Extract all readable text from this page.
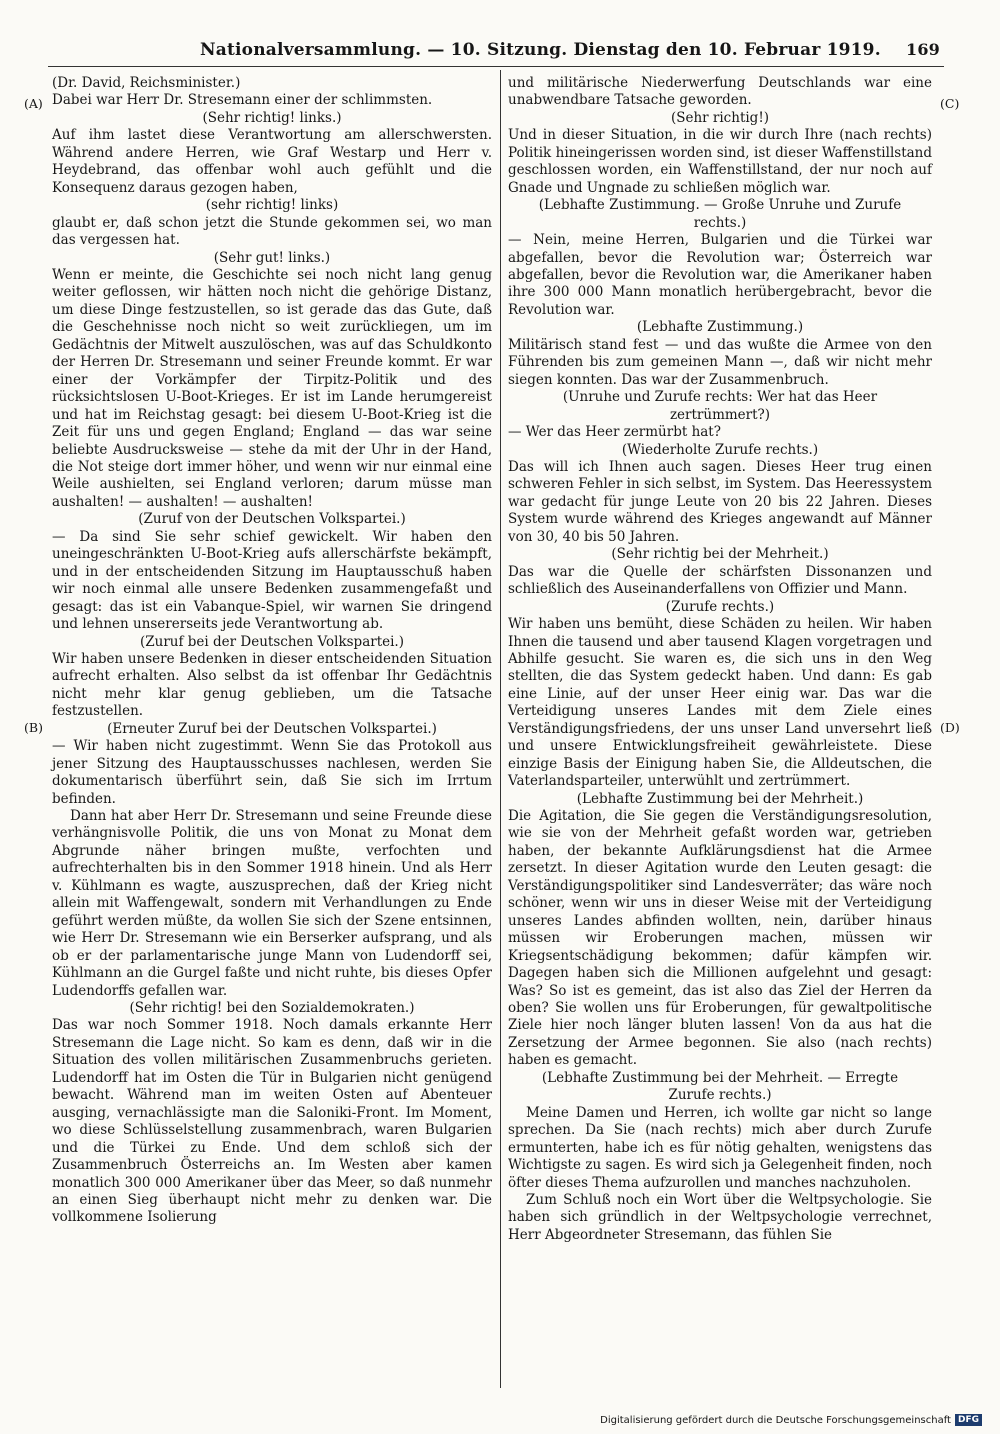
Nationalversammlung. — 10. Sitzung. Dienstag den 10. Februar 1919. 169
(A)
(B)
(C)
(D)

(Dr. David, Reichsminister.)

Dabei war Herr Dr. Stresemann einer der schlimmsten.

(Sehr richtig! links.)

Auf ihm lastet diese Verantwortung am allerschwersten. Während andere Herren, wie Graf Westarp und Herr v. Heydebrand, das offenbar wohl auch gefühlt und die Konsequenz daraus gezogen haben,

(sehr richtig! links)

glaubt er, daß schon jetzt die Stunde gekommen sei, wo man das vergessen hat.

(Sehr gut! links.)

Wenn er meinte, die Geschichte sei noch nicht lang genug weiter geflossen, wir hätten noch nicht die gehörige Distanz, um diese Dinge festzustellen, so ist gerade das das Gute, daß die Geschehnisse noch nicht so weit zurückliegen, um im Gedächtnis der Mitwelt auszulöschen, was auf das Schuldkonto der Herren Dr. Stresemann und seiner Freunde kommt. Er war einer der Vorkämpfer der Tirpitz-Politik und des rücksichtslosen U-Boot-Krieges. Er ist im Lande herumgereist und hat im Reichstag gesagt: bei diesem U-Boot-Krieg ist die Zeit für uns und gegen England; England — das war seine beliebte Ausdrucksweise — stehe da mit der Uhr in der Hand, die Not steige dort immer höher, und wenn wir nur einmal eine Weile aushielten, sei England verloren; darum müsse man aushalten! — aushalten! — aushalten!

(Zuruf von der Deutschen Volkspartei.)

— Da sind Sie sehr schief gewickelt. Wir haben den uneingeschränkten U-Boot-Krieg aufs allerschärfste bekämpft, und in der entscheidenden Sitzung im Hauptausschuß haben wir noch einmal alle unsere Bedenken zusammengefaßt und gesagt: das ist ein Vabanque-Spiel, wir warnen Sie dringend und lehnen unsererseits jede Verantwortung ab.

(Zuruf bei der Deutschen Volkspartei.)

Wir haben unsere Bedenken in dieser entscheidenden Situation aufrecht erhalten. Also selbst da ist offenbar Ihr Gedächtnis nicht mehr klar genug geblieben, um die Tatsache festzustellen.

(Erneuter Zuruf bei der Deutschen Volkspartei.)

— Wir haben nicht zugestimmt. Wenn Sie das Protokoll aus jener Sitzung des Hauptausschusses nachlesen, werden Sie dokumentarisch überführt sein, daß Sie sich im Irrtum befinden.

Dann hat aber Herr Dr. Stresemann und seine Freunde diese verhängnisvolle Politik, die uns von Monat zu Monat dem Abgrunde näher bringen mußte, verfochten und aufrechterhalten bis in den Sommer 1918 hinein. Und als Herr v. Kühlmann es wagte, auszusprechen, daß der Krieg nicht allein mit Waffengewalt, sondern mit Verhandlungen zu Ende geführt werden müßte, da wollen Sie sich der Szene entsinnen, wie Herr Dr. Stresemann wie ein Berserker aufsprang, und als ob er der parlamentarische junge Mann von Ludendorff sei, Kühlmann an die Gurgel faßte und nicht ruhte, bis dieses Opfer Ludendorffs gefallen war.

(Sehr richtig! bei den Sozialdemokraten.)

Das war noch Sommer 1918. Noch damals erkannte Herr Stresemann die Lage nicht. So kam es denn, daß wir in die Situation des vollen militärischen Zusammenbruchs gerieten. Ludendorff hat im Osten die Tür in Bulgarien nicht genügend bewacht. Während man im weiten Osten auf Abenteuer ausging, vernachlässigte man die Saloniki-Front. Im Moment, wo diese Schlüsselstellung zusammenbrach, waren Bulgarien und die Türkei zu Ende. Und dem schloß sich der Zusammenbruch Österreichs an. Im Westen aber kamen monatlich 300 000 Amerikaner über das Meer, so daß nunmehr an einen Sieg überhaupt nicht mehr zu denken war. Die vollkommene Isolierung

und militärische Niederwerfung Deutschlands war eine unabwendbare Tatsache geworden.

(Sehr richtig!)

Und in dieser Situation, in die wir durch Ihre (nach rechts) Politik hineingerissen worden sind, ist dieser Waffenstillstand geschlossen worden, ein Waffenstillstand, der nur noch auf Gnade und Ungnade zu schließen möglich war.

(Lebhafte Zustimmung. — Große Unruhe und Zurufe rechts.)

— Nein, meine Herren, Bulgarien und die Türkei war abgefallen, bevor die Revolution war; Österreich war abgefallen, bevor die Revolution war, die Amerikaner haben ihre 300 000 Mann monatlich herübergebracht, bevor die Revolution war.

(Lebhafte Zustimmung.)

Militärisch stand fest — und das wußte die Armee von den Führenden bis zum gemeinen Mann —, daß wir nicht mehr siegen konnten. Das war der Zusammenbruch.

(Unruhe und Zurufe rechts: Wer hat das Heer zertrümmert?)

— Wer das Heer zermürbt hat?

(Wiederholte Zurufe rechts.)

Das will ich Ihnen auch sagen. Dieses Heer trug einen schweren Fehler in sich selbst, im System. Das Heeressystem war gedacht für junge Leute von 20 bis 22 Jahren. Dieses System wurde während des Krieges angewandt auf Männer von 30, 40 bis 50 Jahren.

(Sehr richtig bei der Mehrheit.)

Das war die Quelle der schärfsten Dissonanzen und schließlich des Auseinanderfallens von Offizier und Mann.

(Zurufe rechts.)

Wir haben uns bemüht, diese Schäden zu heilen. Wir haben Ihnen die tausend und aber tausend Klagen vorgetragen und Abhilfe gesucht. Sie waren es, die sich uns in den Weg stellten, die das System gedeckt haben. Und dann: Es gab eine Linie, auf der unser Heer einig war. Das war die Verteidigung unseres Landes mit dem Ziele eines Verständigungsfriedens, der uns unser Land unversehrt ließ und unsere Entwicklungsfreiheit gewährleistete. Diese einzige Basis der Einigung haben Sie, die Alldeutschen, die Vaterlandsparteiler, unterwühlt und zertrümmert.

(Lebhafte Zustimmung bei der Mehrheit.)

Die Agitation, die Sie gegen die Verständigungsresolution, wie sie von der Mehrheit gefaßt worden war, getrieben haben, der bekannte Aufklärungsdienst hat die Armee zersetzt. In dieser Agitation wurde den Leuten gesagt: die Verständigungspolitiker sind Landesverräter; das wäre noch schöner, wenn wir uns in dieser Weise mit der Verteidigung unseres Landes abfinden wollten, nein, darüber hinaus müssen wir Eroberungen machen, müssen wir Kriegsentschädigung bekommen; dafür kämpfen wir. Dagegen haben sich die Millionen aufgelehnt und gesagt: Was? So ist es gemeint, das ist also das Ziel der Herren da oben? Sie wollen uns für Eroberungen, für gewaltpolitische Ziele hier noch länger bluten lassen! Von da aus hat die Zersetzung der Armee begonnen. Sie also (nach rechts) haben es gemacht.

(Lebhafte Zustimmung bei der Mehrheit. — Erregte Zurufe rechts.)

Meine Damen und Herren, ich wollte gar nicht so lange sprechen. Da Sie (nach rechts) mich aber durch Zurufe ermunterten, habe ich es für nötig gehalten, wenigstens das Wichtigste zu sagen. Es wird sich ja Gelegenheit finden, noch öfter dieses Thema aufzurollen und manches nachzuholen.

Zum Schluß noch ein Wort über die Weltpsychologie. Sie haben sich gründlich in der Weltpsychologie verrechnet, Herr Abgeordneter Stresemann, das fühlen Sie

Digitalisierung gefördert durch die Deutsche Forschungsgemeinschaft DFG
